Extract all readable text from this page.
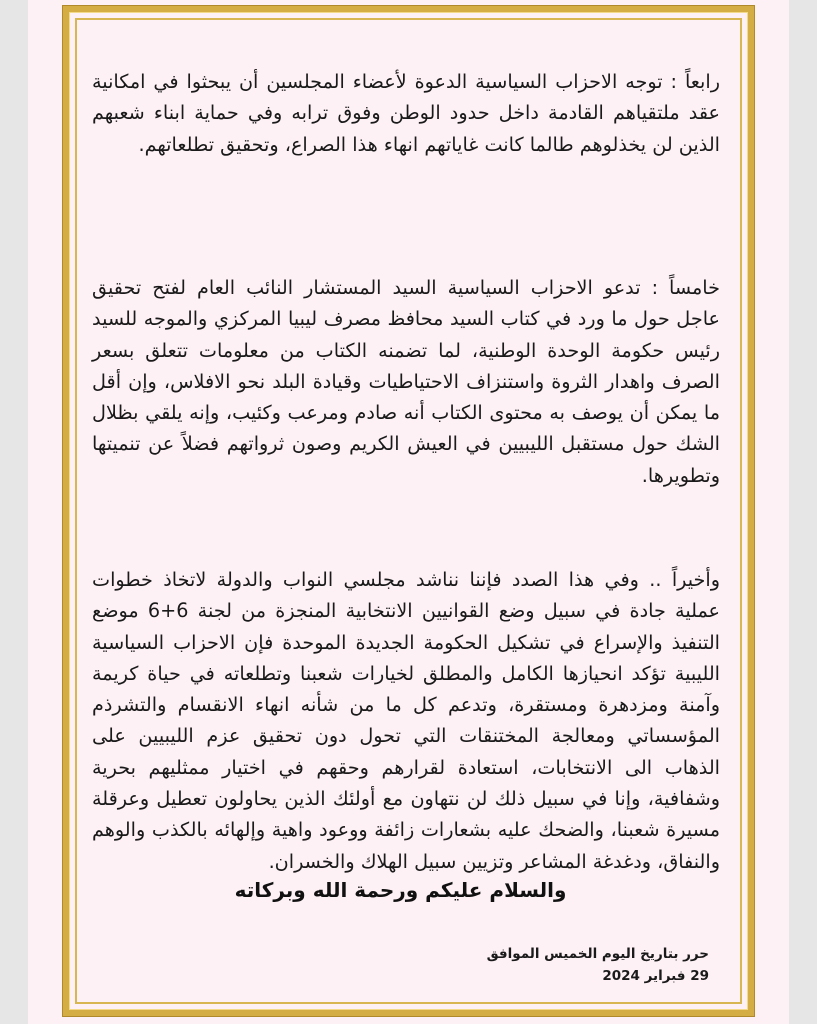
رابعاً : توجه الاحزاب السياسية الدعوة لأعضاء المجلسين أن يبحثوا في امكانية عقد ملتقياهم القادمة داخل حدود الوطن وفوق ترابه وفي حماية ابناء شعبهم الذين لن يخذلوهم طالما كانت غاياتهم انهاء هذا الصراع، وتحقيق تطلعاتهم.

خامساً : تدعو الاحزاب السياسية السيد المستشار النائب العام لفتح تحقيق عاجل حول ما ورد في كتاب السيد محافظ مصرف ليبيا المركزي والموجه للسيد رئيس حكومة الوحدة الوطنية، لما تضمنه الكتاب من معلومات تتعلق بسعر الصرف واهدار الثروة واستنزاف الاحتياطيات وقيادة البلد نحو الافلاس، وإن أقل ما يمكن أن يوصف به محتوى الكتاب أنه صادم ومرعب وكئيب، وإنه يلقي بظلال الشك حول مستقبل الليبيين في العيش الكريم وصون ثرواتهم فضلاً عن تنميتها وتطويرها.

وأخيراً .. وفي هذا الصدد فإننا نناشد مجلسي النواب والدولة لاتخاذ خطوات عملية جادة في سبيل وضع القوانيين الانتخابية المنجزة من لجنة 6+6 موضع التنفيذ والإسراع في تشكيل الحكومة الجديدة الموحدة فإن الاحزاب السياسية الليبية تؤكد انحيازها الكامل والمطلق لخيارات شعبنا وتطلعاته في حياة كريمة وآمنة ومزدهرة ومستقرة، وتدعم كل ما من شأنه انهاء الانقسام والتشرذم المؤسساتي ومعالجة المختنقات التي تحول دون تحقيق عزم الليبيين على الذهاب الى الانتخابات، استعادة لقرارهم وحقهم في اختيار ممثليهم بحرية وشفافية، وإنا في سبيل ذلك لن نتهاون مع أولئك الذين يحاولون تعطيل وعرقلة مسيرة شعبنا، والضحك عليه بشعارات زائفة ووعود واهية وإلهائه بالكذب والوهم والنفاق، ودغدغة المشاعر وتزيين سبيل الهلاك والخسران.

والسلام عليكم ورحمة الله وبركاته
حرر بتاريخ اليوم الخميس الموافق
29 فبراير 2024
